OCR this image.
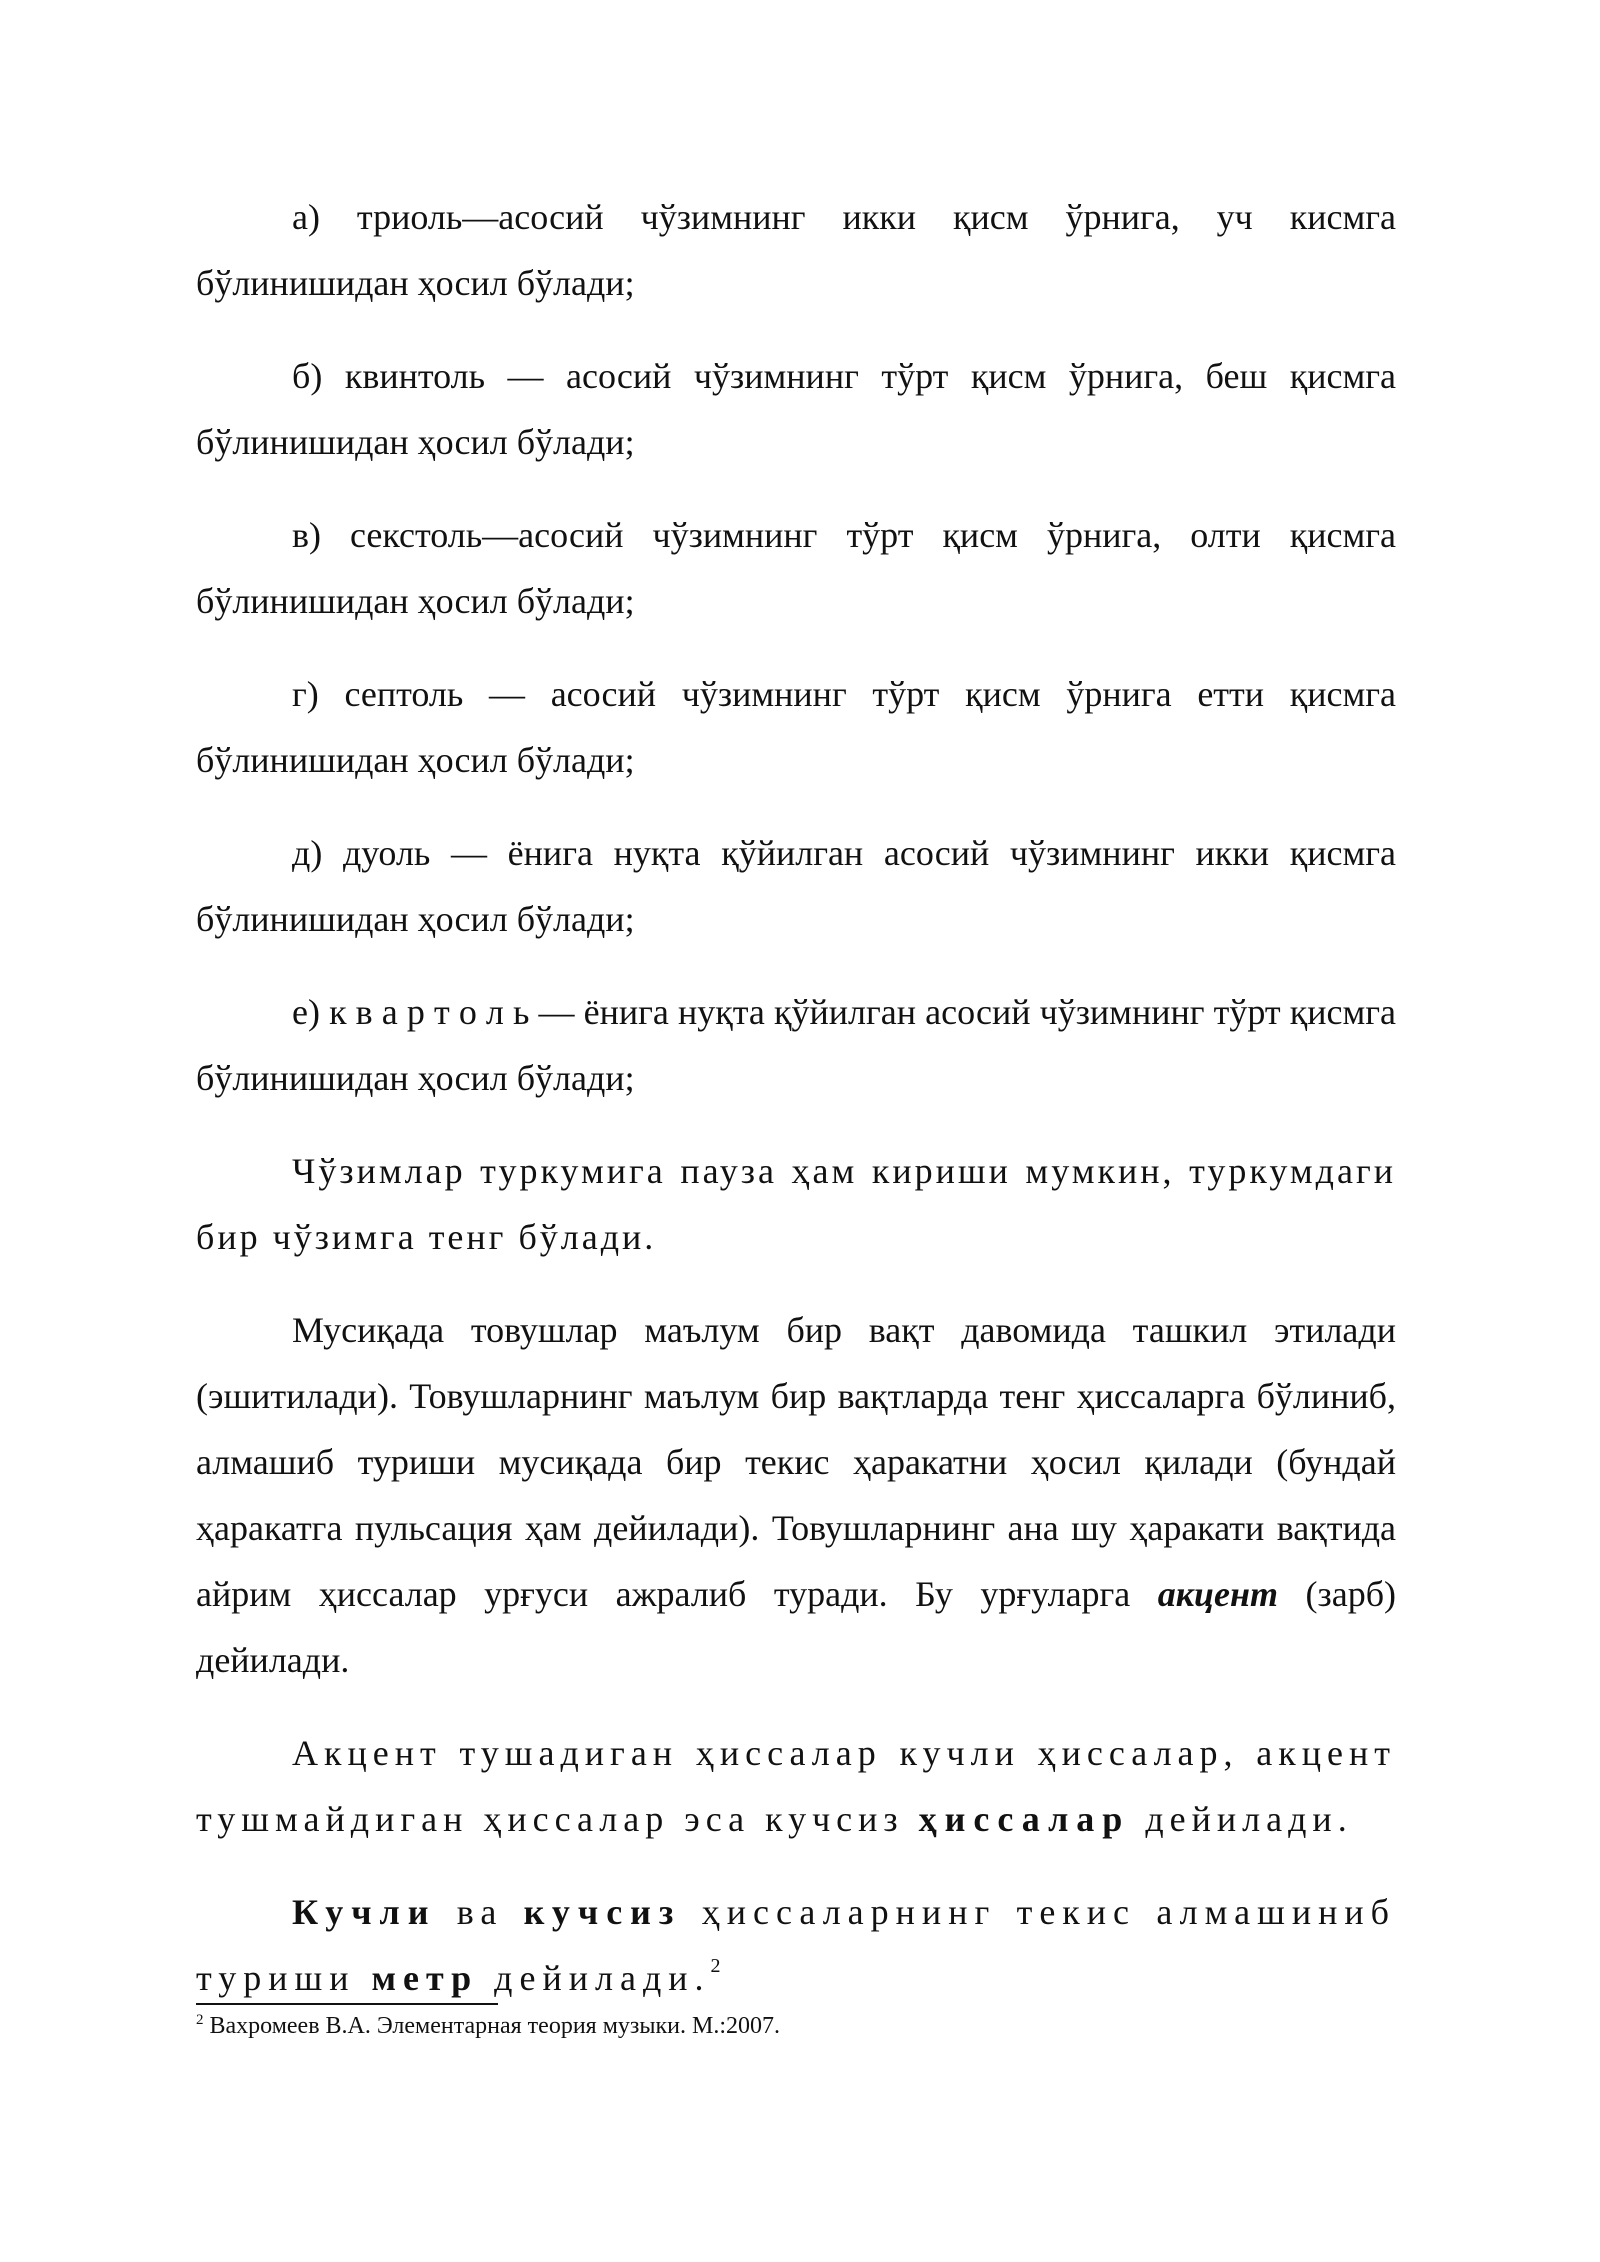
а) триоль—асосий чўзимнинг икки қисм ўрнига, уч кисмга бўлинишидан ҳосил бўлади;

б) квинтоль — асосий чўзимнинг тўрт қисм ўрнига, беш қисмга бўлинишидан ҳосил бўлади;

в) секстоль—асосий чўзимнинг тўрт қисм ўрнига, олти қисмга бўлинишидан ҳосил бўлади;

г) септоль — асосий чўзимнинг тўрт қисм ўрнига етти қисмга бўлинишидан ҳосил бўлади;

д) дуоль — ёнига нуқта қўйилган асосий чўзимнинг икки қисмга бўлинишидан ҳосил бўлади;

е) к в а р т о л ь — ёнига нуқта қўйилган асосий чўзимнинг тўрт қисмга бўлинишидан ҳосил бўлади;

Чўзимлар туркумига пауза ҳам кириши мумкин, туркумдаги бир чўзимга тенг бўлади.

Мусиқада товушлар маълум бир вақт давомида ташкил этилади (эшитилади). Товушларнинг маълум бир вақтларда тенг ҳиссаларга бўлиниб, алмашиб туриши мусиқада бир текис ҳаракатни ҳосил қилади (бундай ҳаракатга пульсация ҳам дейилади). Товушларнинг ана шу ҳаракати вақтида айрим ҳиссалар урғуси ажралиб туради. Бу урғуларга акцент (зарб) дейилади.

Акцент тушадиган ҳиссалар кучли ҳиссалар, акцент тушмайдиган ҳиссалар эса кучсиз ҳиссалар дейилади.

Кучли ва кучсиз ҳиссаларнинг текис алмашиниб туриши метр дейилади.$^2$

$^2$ Вахромеев В.А. Элементарная теория музыки. М.:2007.
